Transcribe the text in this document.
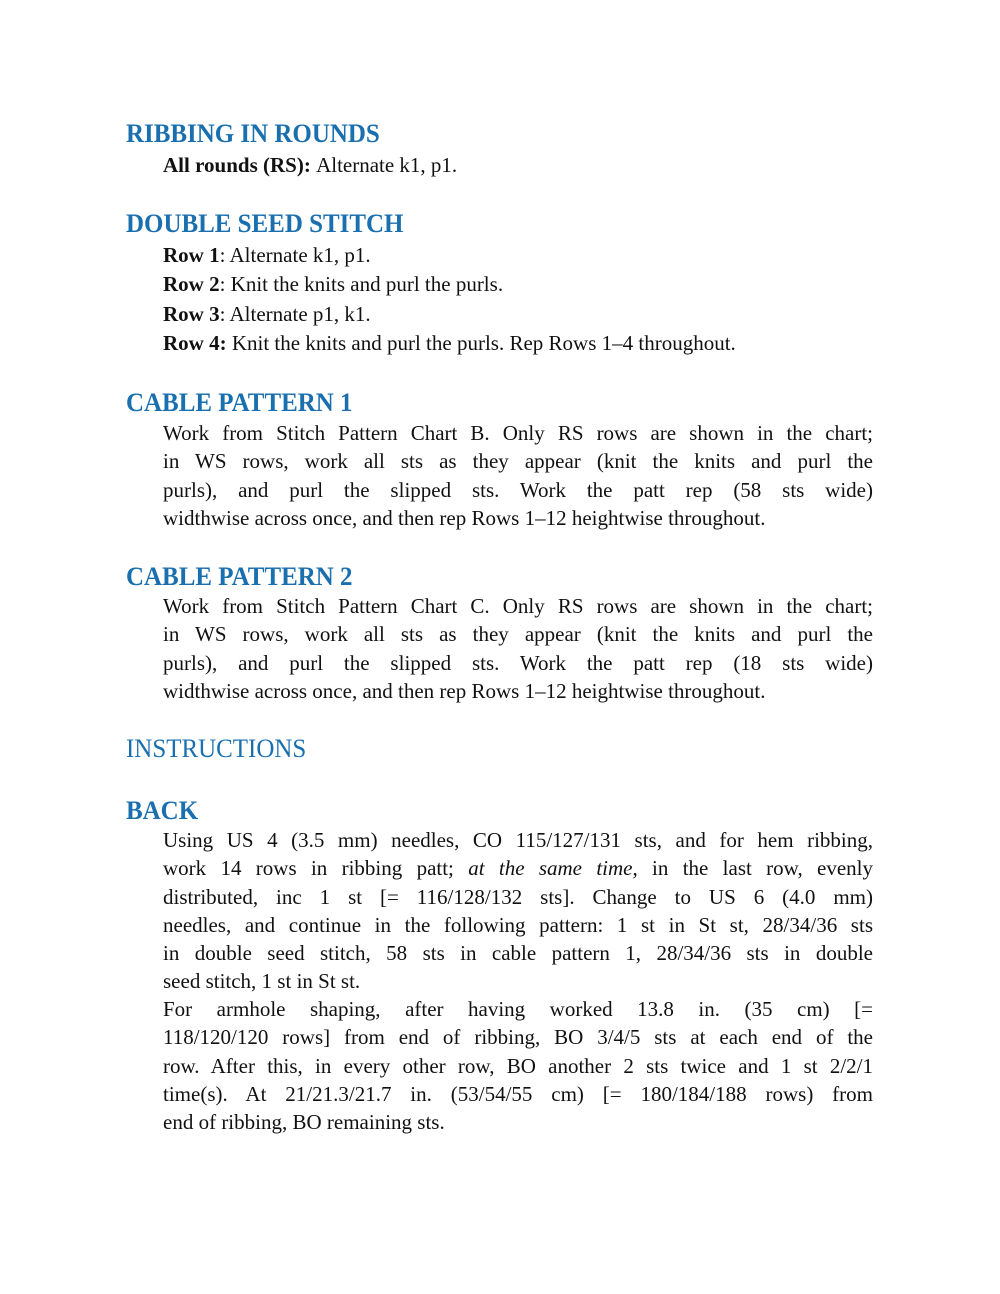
RIBBING IN ROUNDS

All rounds (RS): Alternate k1, p1.

DOUBLE SEED STITCH

Row 1: Alternate k1, p1.

Row 2: Knit the knits and purl the purls.

Row 3: Alternate p1, k1.

Row 4: Knit the knits and purl the purls. Rep Rows 1–4 throughout.

CABLE PATTERN 1
Work from Stitch Pattern Chart B. Only RS rows are shown in the chart;
in WS rows, work all sts as they appear (knit the knits and purl the
purls), and purl the slipped sts. Work the patt rep (58 sts wide)
widthwise across once, and then rep Rows 1–12 heightwise throughout.
CABLE PATTERN 2
Work from Stitch Pattern Chart C. Only RS rows are shown in the chart;
in WS rows, work all sts as they appear (knit the knits and purl the
purls), and purl the slipped sts. Work the patt rep (18 sts wide)
widthwise across once, and then rep Rows 1–12 heightwise throughout.
INSTRUCTIONS
BACK
Using US 4 (3.5 mm) needles, CO 115/127/131 sts, and for hem ribbing,
work 14 rows in ribbing patt; at the same time, in the last row, evenly
distributed, inc 1 st [= 116/128/132 sts]. Change to US 6 (4.0 mm)
needles, and continue in the following pattern: 1 st in St st, 28/34/36 sts
in double seed stitch, 58 sts in cable pattern 1, 28/34/36 sts in double
seed stitch, 1 st in St st.
For armhole shaping, after having worked 13.8 in. (35 cm) [=
118/120/120 rows] from end of ribbing, BO 3/4/5 sts at each end of the
row. After this, in every other row, BO another 2 sts twice and 1 st 2/2/1
time(s). At 21/21.3/21.7 in. (53/54/55 cm) [= 180/184/188 rows) from
end of ribbing, BO remaining sts.
